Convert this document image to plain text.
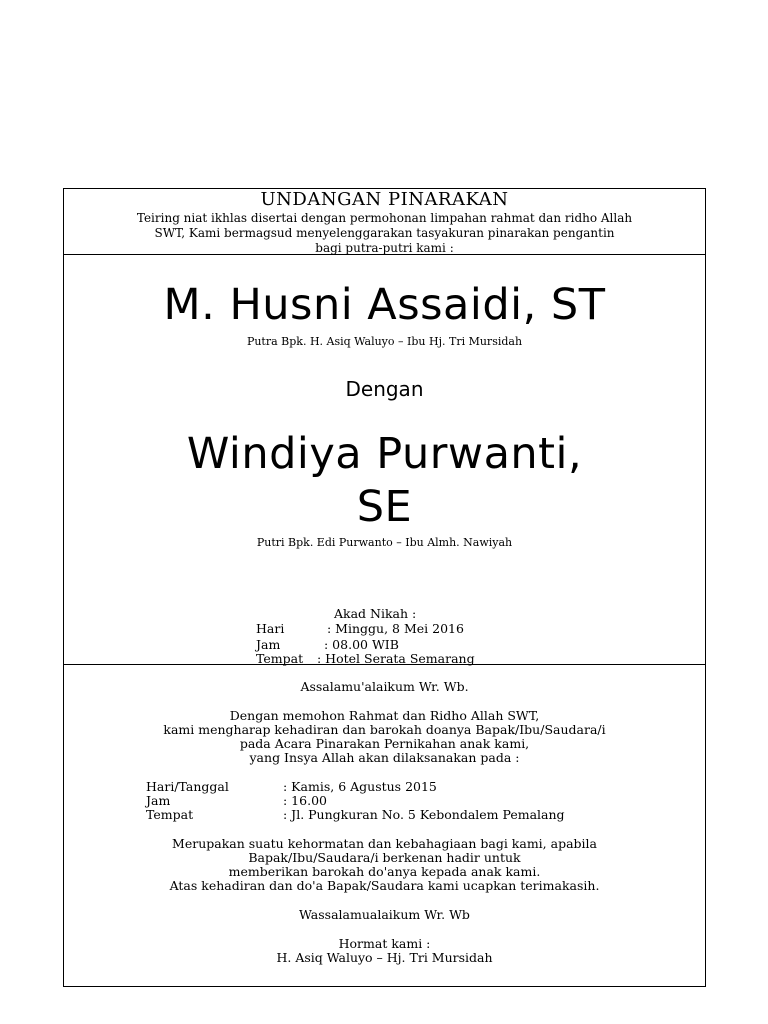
UNDANGAN PINARAKAN
Teiring niat ikhlas disertai dengan permohonan limpahan rahmat dan ridho Allah
SWT, Kami bermagsud menyelenggarakan tasyakuran pinarakan pengantin
bagi putra-putri kami :
M. Husni Assaidi, ST
Putra Bpk. H. Asiq Waluyo – Ibu Hj. Tri Mursidah
Dengan
Windiya Purwanti,
SE
Putri Bpk. Edi Purwanto – Ibu Almh. Nawiyah
Akad Nikah :
Hari	: Minggu, 8 Mei 2016
Jam	: 08.00 WIB
Tempat : Hotel Serata Semarang
Assalamu'alaikum Wr. Wb.
Dengan memohon Rahmat dan Ridho Allah SWT,
kami mengharap kehadiran dan barokah doanya Bapak/Ibu/Saudara/i
pada Acara Pinarakan Pernikahan anak kami,
yang Insya Allah akan dilaksanakan pada :
Hari/Tanggal	: Kamis, 6 Agustus 2015
Jam	: 16.00
Tempat	: Jl. Pungkuran No. 5 Kebondalem Pemalang
Merupakan suatu kehormatan dan kebahagiaan bagi kami, apabila
Bapak/Ibu/Saudara/i berkenan hadir untuk
memberikan barokah do'anya kepada anak kami.
Atas kehadiran dan do'a Bapak/Saudara kami ucapkan terimakasih.
Wassalamualaikum Wr. Wb
Hormat kami :
H. Asiq Waluyo – Hj. Tri Mursidah
